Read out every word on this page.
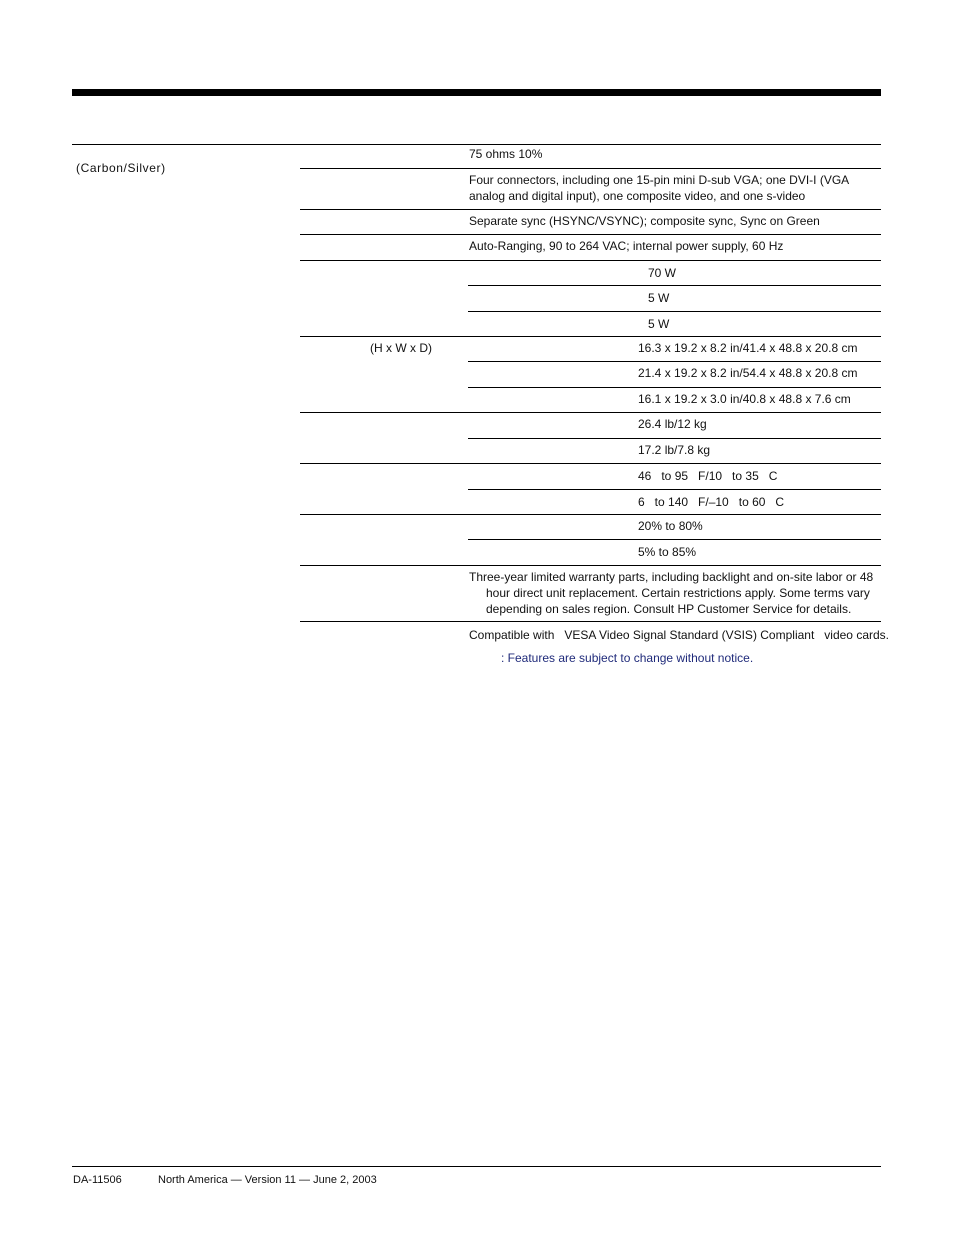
(Carbon/Silver)
75 ohms 10%
Four connectors, including one 15-pin mini D-sub VGA; one DVI-I (VGA analog and digital input), one composite video, and one s-video
Separate sync (HSYNC/VSYNC); composite sync, Sync on Green
Auto-Ranging, 90 to 264 VAC; internal power supply, 60 Hz
70 W
5 W
5 W
(H x W x D)	16.3 x 19.2 x 8.2 in/41.4 x 48.8 x 20.8 cm
21.4 x 19.2 x 8.2 in/54.4 x 48.8 x 20.8 cm
16.1 x 19.2 x 3.0 in/40.8 x 48.8 x 7.6 cm
26.4 lb/12 kg
17.2 lb/7.8 kg
46   to 95   F/10   to 35   C
6   to 140   F/–10   to 60   C
20% to 80%
5% to 85%
Three-year limited warranty parts, including backlight and on-site labor or 48 hour direct unit replacement. Certain restrictions apply. Some terms vary depending on sales region. Consult HP Customer Service for details.
Compatible with   VESA Video Signal Standard (VSIS) Compliant   video cards.
: Features are subject to change without notice.
DA-11506	North America — Version 11 — June 2, 2003
